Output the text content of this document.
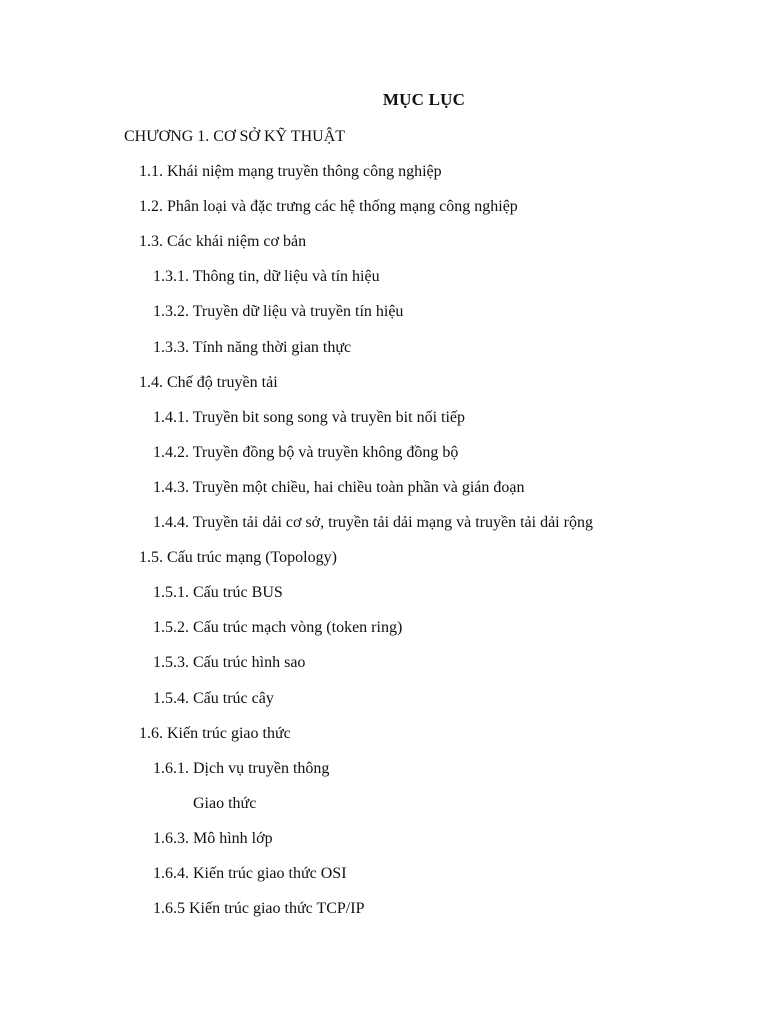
MỤC LỤC
CHƯƠNG 1. CƠ SỞ KỸ THUẬT
1.1. Khái niệm mạng truyền thông công nghiệp
1.2. Phân loại và đặc trưng các hệ thống mạng công nghiệp
1.3. Các khái niệm cơ bản
1.3.1. Thông tin, dữ liệu và tín hiệu
1.3.2. Truyền dữ liệu và truyền tín hiệu
1.3.3. Tính năng thời gian thực
1.4. Chế độ truyền tải
1.4.1. Truyền bit song song và truyền bit nối tiếp
1.4.2. Truyền đồng bộ và truyền không đồng bộ
1.4.3. Truyền một chiều, hai chiều toàn phần và gián đoạn
1.4.4. Truyền tải dải cơ sở, truyền tải dải mạng và truyền tải dải rộng
1.5. Cấu trúc mạng (Topology)
1.5.1. Cấu trúc BUS
1.5.2. Cấu trúc mạch vòng (token ring)
1.5.3. Cấu trúc hình sao
1.5.4. Cấu trúc cây
1.6. Kiến trúc giao thức
1.6.1. Dịch vụ truyền thông
Giao thức
1.6.3. Mô hình lớp
1.6.4. Kiến trúc giao thức OSI
1.6.5 Kiến trúc giao thức TCP/IP
